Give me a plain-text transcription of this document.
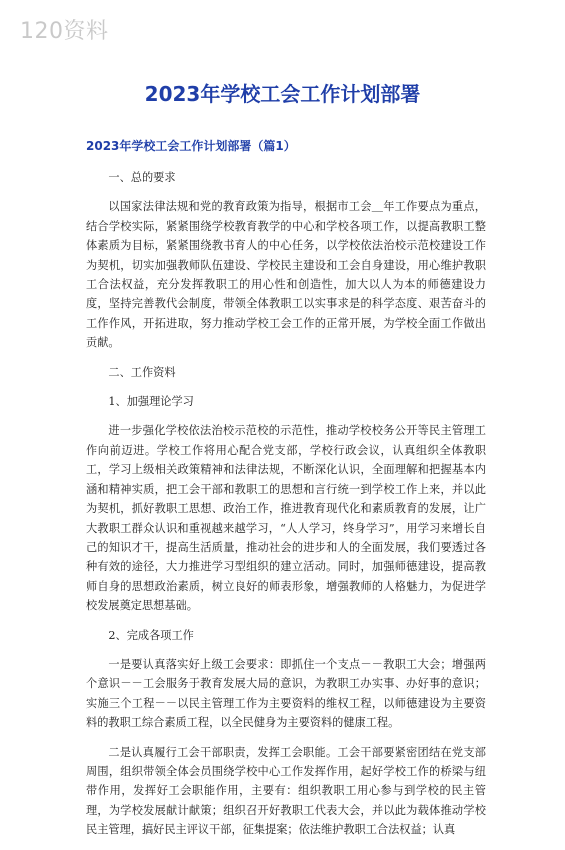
120资料
2023年学校工会工作计划部署
2023年学校工会工作计划部署（篇1）

一、总的要求

以国家法律法规和党的教育政策为指导，根据市工会＿年工作要点为重点，结合学校实际，紧紧围绕学校教育教学的中心和学校各项工作，以提高教职工整体素质为目标，紧紧围绕教书育人的中心任务，以学校依法治校示范校建设工作为契机，切实加强教师队伍建设、学校民主建设和工会自身建设，用心维护教职工合法权益，充分发挥教职工的用心性和创造性，加大以人为本的师德建设力度，坚持完善教代会制度，带领全体教职工以实事求是的科学态度、艰苦奋斗的工作作风，开拓进取，努力推动学校工会工作的正常开展，为学校全面工作做出贡献。

二、工作资料

1、加强理论学习

进一步强化学校依法治校示范校的示范性，推动学校校务公开等民主管理工作向前迈进。学校工作将用心配合党支部，学校行政会议，认真组织全体教职工，学习上级相关政策精神和法律法规，不断深化认识，全面理解和把握基本内涵和精神实质，把工会干部和教职工的思想和言行统一到学校工作上来，并以此为契机，抓好教职工思想、政治工作，推进教育现代化和素质教育的发展，让广大教职工群众认识和重视越来越学习，“人人学习，终身学习”，用学习来增长自己的知识才干，提高生活质量，推动社会的进步和人的全面发展，我们要透过各种有效的途径，大力推进学习型组织的建立活动。同时，加强师德建设，提高教师自身的思想政治素质，树立良好的师表形象，增强教师的人格魅力，为促进学校发展奠定思想基础。

2、完成各项工作

一是要认真落实好上级工会要求：即抓住一个支点－－教职工大会；增强两个意识－－工会服务于教育发展大局的意识，为教职工办实事、办好事的意识；实施三个工程－－以民主管理工作为主要资料的维权工程，以师德建设为主要资料的教职工综合素质工程，以全民健身为主要资料的健康工程。

二是认真履行工会干部职责，发挥工会职能。工会干部要紧密团结在党支部周围，组织带领全体会员围绕学校中心工作发挥作用，起好学校工作的桥梁与纽带作用，发挥好工会职能作用，主要有：组织教职工用心参与到学校的民主管理，为学校发展献计献策；组织召开好教职工代表大会，并以此为载体推动学校民主管理，搞好民主评议干部，征集提案；依法维护教职工合法权益；认真
